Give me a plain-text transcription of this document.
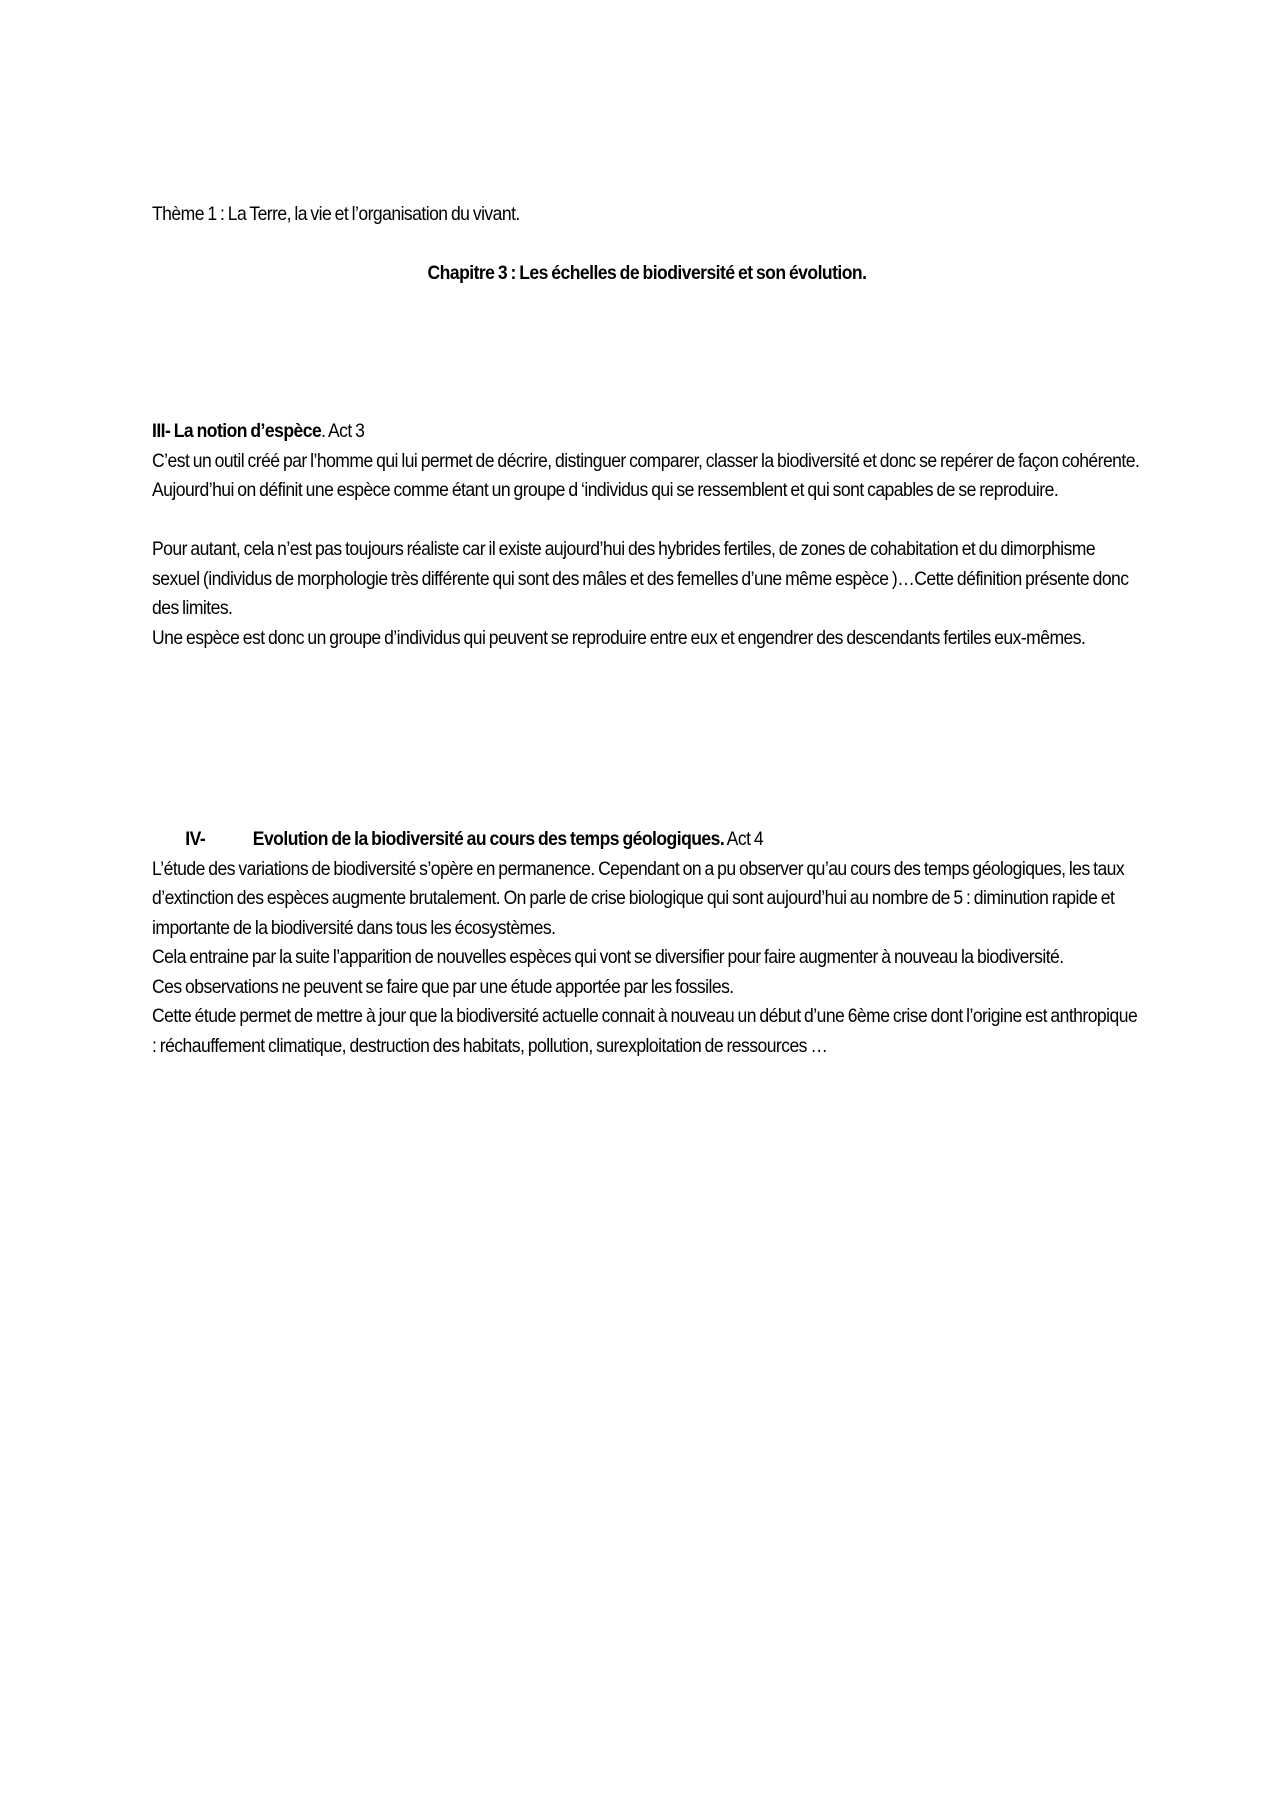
Thème 1 : La Terre, la vie et l’organisation du vivant.

Chapitre 3 : Les échelles de biodiversité et son évolution.

III- La notion d’espèce. Act 3

C’est un outil créé par l’homme qui lui permet de décrire, distinguer comparer, classer la biodiversité et donc se repérer de façon cohérente.

Aujourd’hui on définit une espèce comme étant un groupe d ‘individus qui se ressemblent et qui sont capables de se reproduire.

Pour autant, cela n’est pas toujours réaliste car il existe aujourd’hui des hybrides fertiles, de zones de cohabitation et du dimorphisme sexuel (individus de morphologie très différente qui sont des mâles et des femelles d’une même espèce )…Cette définition présente donc des limites.

Une espèce est donc un groupe d’individus qui peuvent se reproduire entre eux et engendrer des descendants fertiles eux-mêmes.

IV- Evolution de la biodiversité au cours des temps géologiques. Act 4

L’étude des variations de biodiversité s’opère en permanence. Cependant on a pu observer qu’au cours des temps géologiques, les taux d’extinction des espèces augmente brutalement. On parle de crise biologique qui sont aujourd’hui au nombre de 5 : diminution rapide et importante de la biodiversité dans tous les écosystèmes.

Cela entraine par la suite l’apparition de nouvelles espèces qui vont se diversifier pour faire augmenter à nouveau la biodiversité.

Ces observations ne peuvent se faire que par une étude apportée par les fossiles.

Cette étude permet de mettre à jour que la biodiversité actuelle connait à nouveau un début d’une 6ème crise dont l’origine est anthropique : réchauffement climatique, destruction des habitats, pollution, surexploitation de ressources …
